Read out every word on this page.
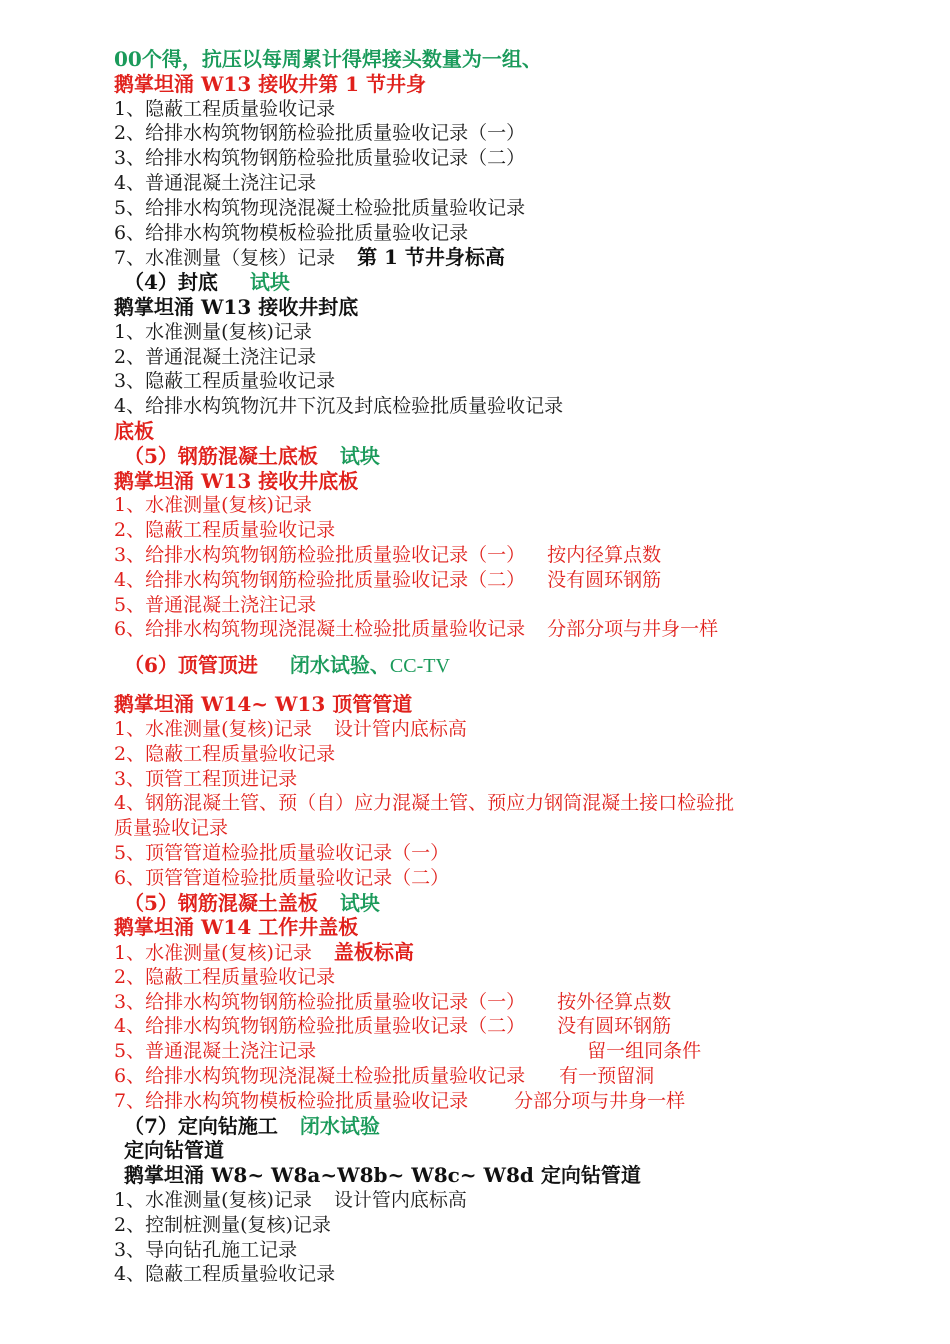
00个得，抗压以每周累计得焊接头数量为一组、
鹅掌坦涌 W13 接收井第 1 节井身
1、隐蔽工程质量验收记录
2、给排水构筑物钢筋检验批质量验收记录（一）
3、给排水构筑物钢筋检验批质量验收记录（二）
4、普通混凝土浇注记录
5、给排水构筑物现浇混凝土检验批质量验收记录
6、给排水构筑物模板检验批质量验收记录
7、水准测量（复核）记录 第 1 节井身标高
（4）封底 试块
鹅掌坦涌 W13 接收井封底
1、水准测量(复核)记录
2、普通混凝土浇注记录
3、隐蔽工程质量验收记录
4、给排水构筑物沉井下沉及封底检验批质量验收记录
底板
（5）钢筋混凝土底板 试块
鹅掌坦涌 W13 接收井底板
1、水准测量(复核)记录
2、隐蔽工程质量验收记录
3、给排水构筑物钢筋检验批质量验收记录（一） 按内径算点数
4、给排水构筑物钢筋检验批质量验收记录（二） 没有圆环钢筋
5、普通混凝土浇注记录
6、给排水构筑物现浇混凝土检验批质量验收记录 分部分项与井身一样
（6）顶管顶进 闭水试验、CC-TV
鹅掌坦涌 W14~ W13 顶管管道
1、水准测量(复核)记录 设计管内底标高
2、隐蔽工程质量验收记录
3、顶管工程顶进记录
4、钢筋混凝土管、预（自）应力混凝土管、预应力钢筒混凝土接口检验批
质量验收记录
5、顶管管道检验批质量验收记录（一）
6、顶管管道检验批质量验收记录（二）
（5）钢筋混凝土盖板 试块
鹅掌坦涌 W14 工作井盖板
1、水准测量(复核)记录 盖板标高
2、隐蔽工程质量验收记录
3、给排水构筑物钢筋检验批质量验收记录（一） 按外径算点数
4、给排水构筑物钢筋检验批质量验收记录（二） 没有圆环钢筋
5、普通混凝土浇注记录	留一组同条件
6、给排水构筑物现浇混凝土检验批质量验收记录 有一预留洞
7、给排水构筑物模板检验批质量验收记录 分部分项与井身一样
（7）定向钻施工 闭水试验
定向钻管道
鹅掌坦涌 W8~ W8a~W8b~ W8c~ W8d 定向钻管道
1、水准测量(复核)记录 设计管内底标高
2、控制桩测量(复核)记录
3、导向钻孔施工记录
4、隐蔽工程质量验收记录
